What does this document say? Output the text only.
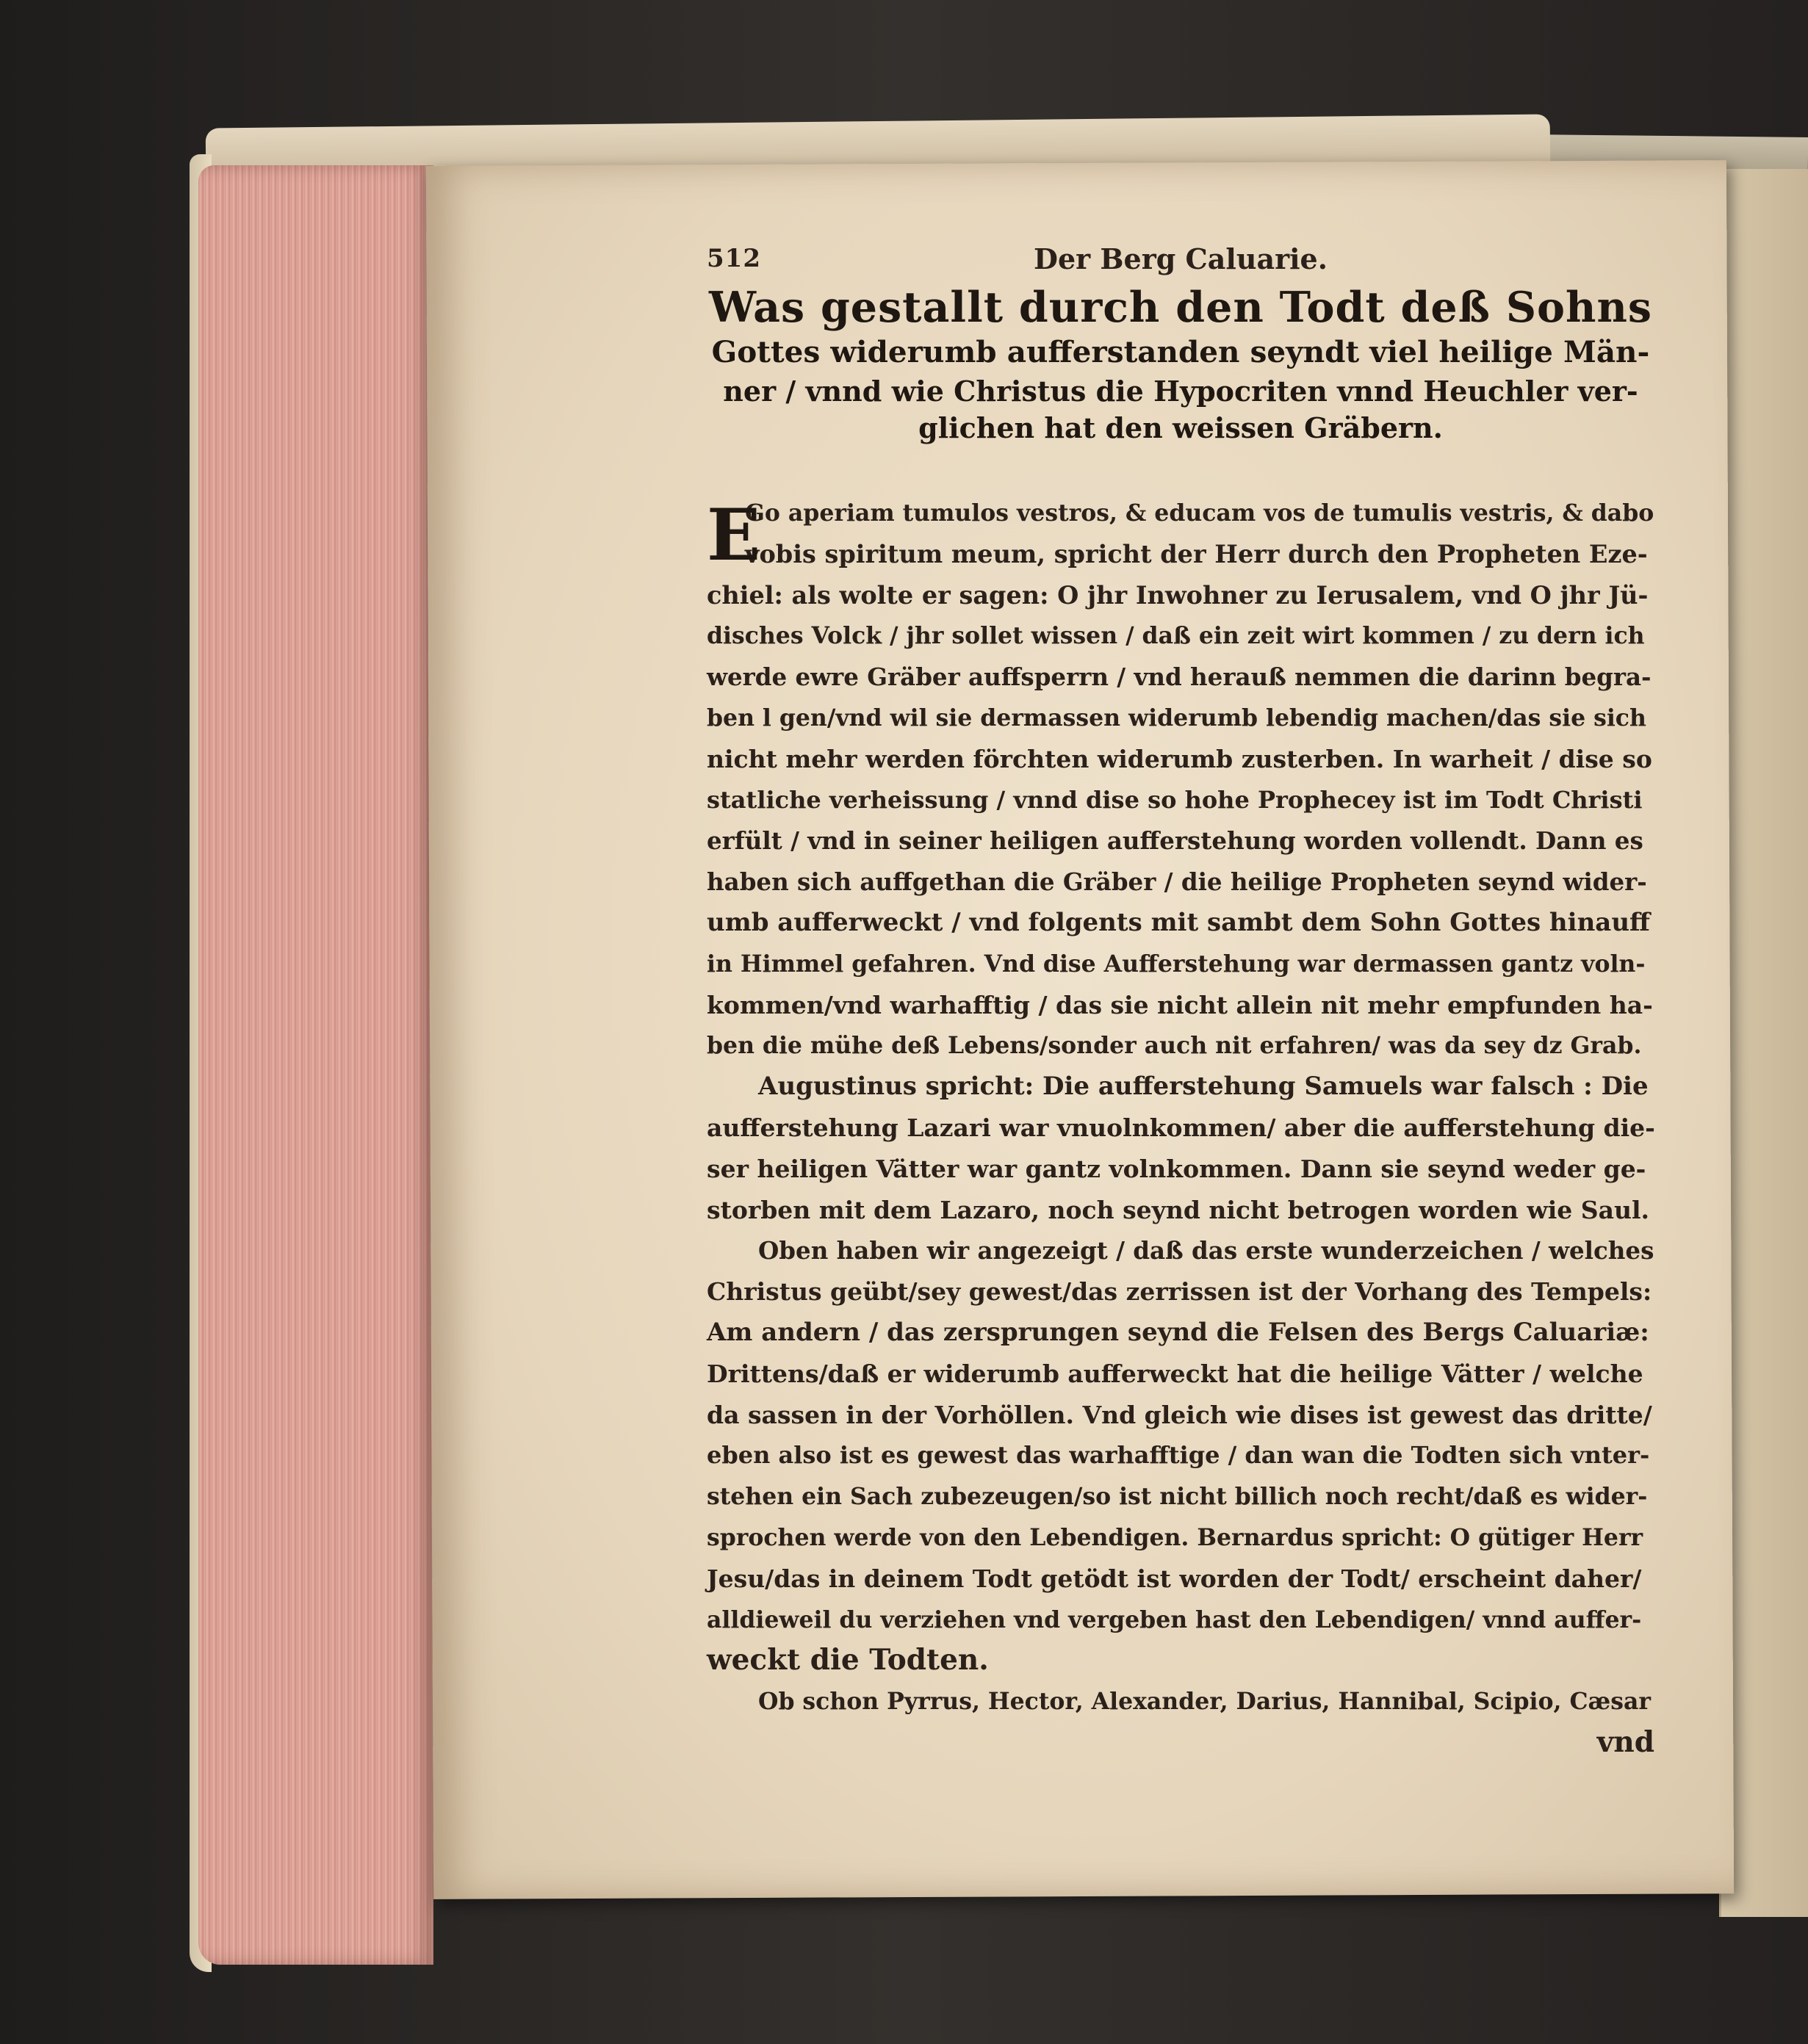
512	Der Berg Caluarie.
Was gestallt durch den Todt deß Sohns
Gottes widerumb aufferstanden seyndt viel heilige Män-
ner / vnnd wie Christus die Hypocriten vnnd Heuchler ver-
glichen hat den weissen Gräbern.
E
Go aperiam tumulos vestros, & educam vos de tumulis vestris, & dabo
vobis spiritum meum, spricht der Herr durch den Propheten Eze-
chiel: als wolte er sagen: O jhr Inwohner zu Ierusalem, vnd O jhr Jü-
disches Volck / jhr sollet wissen / daß ein zeit wirt kommen / zu dern ich
werde ewre Gräber auffsperrn / vnd herauß nemmen die darinn begra-
ben l gen/vnd wil sie dermassen widerumb lebendig machen/das sie sich
nicht mehr werden förchten widerumb zusterben. In warheit / dise so
statliche verheissung / vnnd dise so hohe Prophecey ist im Todt Christi
erfült / vnd in seiner heiligen aufferstehung worden vollendt. Dann es
haben sich auffgethan die Gräber / die heilige Propheten seynd wider-
umb aufferweckt / vnd folgents mit sambt dem Sohn Gottes hinauff
in Himmel gefahren. Vnd dise Aufferstehung war dermassen gantz voln-
kommen/vnd warhafftig / das sie nicht allein nit mehr empfunden ha-
ben die mühe deß Lebens/sonder auch nit erfahren/ was da sey dz Grab.
Augustinus spricht: Die aufferstehung Samuels war falsch : Die
aufferstehung Lazari war vnuolnkommen/ aber die aufferstehung die-
ser heiligen Vätter war gantz volnkommen. Dann sie seynd weder ge-
storben mit dem Lazaro, noch seynd nicht betrogen worden wie Saul.
Oben haben wir angezeigt / daß das erste wunderzeichen / welches
Christus geübt/sey gewest/das zerrissen ist der Vorhang des Tempels:
Am andern / das zersprungen seynd die Felsen des Bergs Caluariæ:
Drittens/daß er widerumb aufferweckt hat die heilige Vätter / welche
da sassen in der Vorhöllen. Vnd gleich wie dises ist gewest das dritte/
eben also ist es gewest das warhafftige / dan wan die Todten sich vnter-
stehen ein Sach zubezeugen/so ist nicht billich noch recht/daß es wider-
sprochen werde von den Lebendigen. Bernardus spricht: O gütiger Herr
Jesu/das in deinem Todt getödt ist worden der Todt/ erscheint daher/
alldieweil du verziehen vnd vergeben hast den Lebendigen/ vnnd auffer-
weckt die Todten.
Ob schon Pyrrus, Hector, Alexander, Darius, Hannibal, Scipio, Cæsar
vnd
